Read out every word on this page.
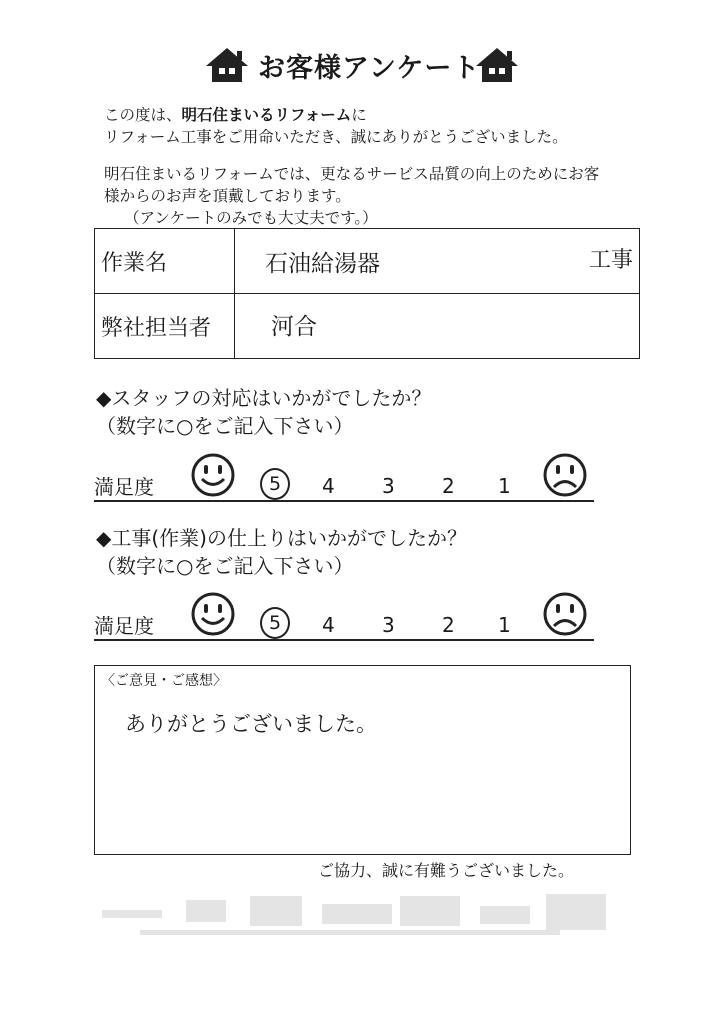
お客様アンケート
この度は、明石住まいるリフォームに
リフォーム工事をご用命いただき、誠にありがとうございました。
明石住まいるリフォームでは、更なるサービス品質の向上のためにお客
様からのお声を頂戴しております。
（アンケートのみでも大丈夫です。）
作業名	石油給湯器 工事

弊社担当者	河合
◆スタッフの対応はいかがでしたか？
（数字に○をご記入下さい）
満足度	5	4 3 2 1
◆工事(作業)の仕上りはいかがでしたか？
（数字に○をご記入下さい）
満足度	5	4 3 2 1
〈ご意見・ご感想〉
ありがとうございました。
ご協力、誠に有難うございました。
